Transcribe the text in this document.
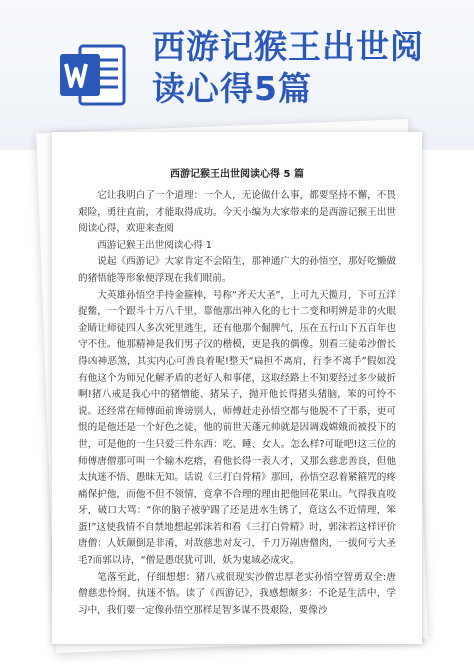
西游记猴王出世阅读心得5篇
西游记猴王出世阅读心得 5 篇

它让我明白了一个道理：一个人，无论做什么事，都要坚持不懈，不畏艰险，勇往直前，才能取得成功。今天小编为大家带来的是西游记猴王出世阅读心得，欢迎来查阅

西游记猴王出世阅读心得 1

说起《西游记》大家肯定不会陌生，那神通广大的孙悟空，那好吃懒做的猪悟能等形象便浮现在我们眼前。

大英雄孙悟空手持金箍棒，号称“齐天大圣”，上可九天揽月，下可五洋捉鳖，一个跟斗十万八千里，靠他那出神入化的七十二变和明辨是非的火眼金睛让师徒四人多次死里逃生，还有他那个倔脾气，压在五行山下五百年也守不住。他那精神是我们男子汉的楷模，更是我的偶像。别看三徒弟沙僧长得凶神恶煞，其实内心可善良着呢!整天“扁担不离肩，行李不离手”假如没有他这个为师兄化解矛盾的老好人和事佬，这取经路上不知要经过多少破折啊!猪八戒是我心中的猪憎能、猪呆子，抛开他长得猪头猪脑，笨的可怜不说。还经常在师傅面前谗谤别人，师傅赶走孙悟空都与他脱不了干系，更可恨的是他还是一个好色之徒，他的前世天蓬元帅就是因调戏嫦娥而被投下的世，可是他的一生只爱三件东西：吃、睡、女人。怎么样?可耻吧!这三位的师傅唐僧那可叫一个输木疙瘩，看他长得一表人才，又那么慈悲善良，但他太执迷不悟、愚昧无知。话说《三打白骨精》那回，孙悟空忍着紧箍咒的疼痛保护他，而他不但不领情，竟拿不合理的理由把他回花果山。气得我直咬牙，破口大骂：“你的脑子被驴踢了还是进水生锈了，竟这么不近情理，笨蛋!”这使我情不自禁地想起郭沫若和看《三打白骨精》时，郭沫若这样评价唐僧：人妖颠倒是非淆，对敌慈悲对友刁，千刀万剐唐僧肉，一拔何亏大圣毛?而郭以诗，“僧是愚氓犹可训，妖为鬼域必成灾。

笔落至此，仔细想想：猪八戒很现实沙僧忠厚老实孙悟空智勇双全:唐僧慈悲怜悯、执迷不悟。读了《西游记》，我感想颇多：不论是生活中，学习中，我们要一定像孙悟空那样足智多谋不畏艰险，要像沙
